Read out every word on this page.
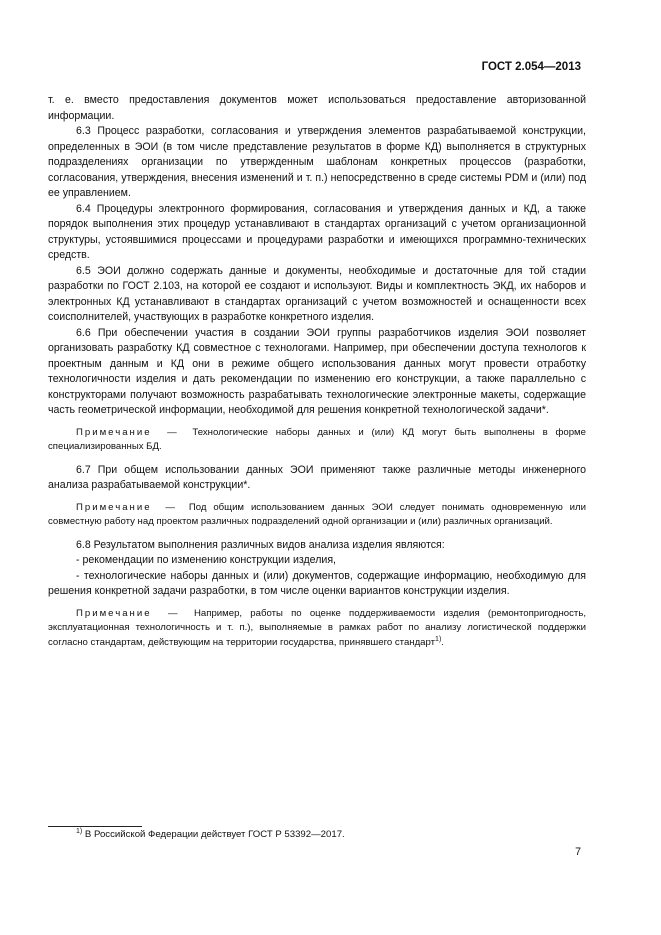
ГОСТ 2.054—2013

т. е. вместо предоставления документов может использоваться предоставление авторизованной информации.

6.3 Процесс разработки, согласования и утверждения элементов разрабатываемой конструкции, определенных в ЭОИ (в том числе представление результатов в форме КД) выполняется в структурных подразделениях организации по утвержденным шаблонам конкретных процессов (разработки, согласования, утверждения, внесения изменений и т. п.) непосредственно в среде системы PDM и (или) под ее управлением.

6.4 Процедуры электронного формирования, согласования и утверждения данных и КД, а также порядок выполнения этих процедур устанавливают в стандартах организаций с учетом организационной структуры, устоявшимися процессами и процедурами разработки и имеющихся программно-технических средств.

6.5 ЭОИ должно содержать данные и документы, необходимые и достаточные для той стадии разработки по ГОСТ 2.103, на которой ее создают и используют. Виды и комплектность ЭКД, их наборов и электронных КД устанавливают в стандартах организаций с учетом возможностей и оснащенности всех соисполнителей, участвующих в разработке конкретного изделия.

6.6 При обеспечении участия в создании ЭОИ группы разработчиков изделия ЭОИ позволяет организовать разработку КД совместное с технологами. Например, при обеспечении доступа технологов к проектным данным и КД они в режиме общего использования данных могут провести отработку технологичности изделия и дать рекомендации по изменению его конструкции, а также параллельно с конструкторами получают возможность разрабатывать технологические электронные макеты, содержащие часть геометрической информации, необходимой для решения конкретной технологической задачи*.

Примечание — Технологические наборы данных и (или) КД могут быть выполнены в форме специализированных БД.

6.7 При общем использовании данных ЭОИ применяют также различные методы инженерного анализа разрабатываемой конструкции*.

Примечание — Под общим использованием данных ЭОИ следует понимать одновременную или совместную работу над проектом различных подразделений одной организации и (или) различных организаций.

6.8 Результатом выполнения различных видов анализа изделия являются:

- рекомендации по изменению конструкции изделия,

- технологические наборы данных и (или) документов, содержащие информацию, необходимую для решения конкретной задачи разработки, в том числе оценки вариантов конструкции изделия.

Примечание — Например, работы по оценке поддерживаемости изделия (ремонтопригодность, эксплуатационная технологичность и т. п.), выполняемые в рамках работ по анализу логистической поддержки согласно стандартам, действующим на территории государства, принявшего стандарт$^{1)}$.
$^{1)}$ В Российской Федерации действует ГОСТ Р 53392—2017.
7
